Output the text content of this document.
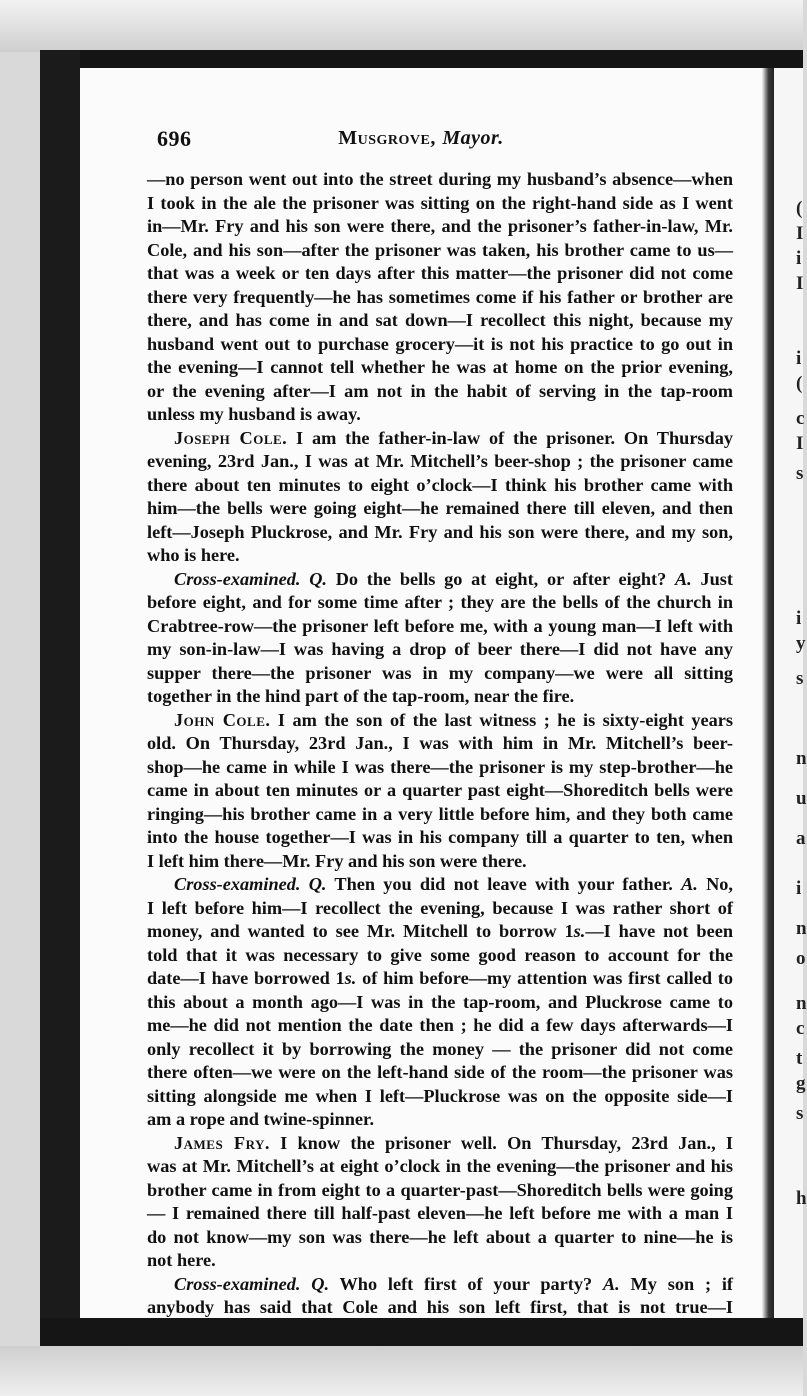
696	Musgrove, Mayor.
—no person went out into the street during my husband’s absence—when
I took in the ale the prisoner was sitting on the right-hand side as I went
in—Mr. Fry and his son were there, and the prisoner’s father-in-law, Mr.
Cole, and his son—after the prisoner was taken, his brother came to us—
that was a week or ten days after this matter—the prisoner did not come
there very frequently—he has sometimes come if his father or brother are
there, and has come in and sat down—I recollect this night, because my
husband went out to purchase grocery—it is not his practice to go out in
the evening—I cannot tell whether he was at home on the prior evening,
or the evening after—I am not in the habit of serving in the tap-room
unless my husband is away.
Joseph Cole. I am the father-in-law of the prisoner. On Thursday
evening, 23rd Jan., I was at Mr. Mitchell’s beer-shop ; the prisoner came
there about ten minutes to eight o’clock—I think his brother came with
him—the bells were going eight—he remained there till eleven, and then
left—Joseph Pluckrose, and Mr. Fry and his son were there, and my son,
who is here.
Cross-examined. Q. Do the bells go at eight, or after eight? A. Just
before eight, and for some time after ; they are the bells of the church in
Crabtree-row—the prisoner left before me, with a young man—I left with
my son-in-law—I was having a drop of beer there—I did not have any
supper there—the prisoner was in my company—we were all sitting
together in the hind part of the tap-room, near the fire.
John Cole. I am the son of the last witness ; he is sixty-eight years
old. On Thursday, 23rd Jan., I was with him in Mr. Mitchell’s beer-
shop—he came in while I was there—the prisoner is my step-brother—he
came in about ten minutes or a quarter past eight—Shoreditch bells were
ringing—his brother came in a very little before him, and they both came
into the house together—I was in his company till a quarter to ten, when
I left him there—Mr. Fry and his son were there.
Cross-examined. Q. Then you did not leave with your father. A. No,
I left before him—I recollect the evening, because I was rather short of
money, and wanted to see Mr. Mitchell to borrow 1s.—I have not been
told that it was necessary to give some good reason to account for the
date—I have borrowed 1s. of him before—my attention was first called to
this about a month ago—I was in the tap-room, and Pluckrose came to
me—he did not mention the date then ; he did a few days afterwards—I
only recollect it by borrowing the money — the prisoner did not come
there often—we were on the left-hand side of the room—the prisoner was
sitting alongside me when I left—Pluckrose was on the opposite side—I
am a rope and twine-spinner.
James Fry. I know the prisoner well. On Thursday, 23rd Jan., I
was at Mr. Mitchell’s at eight o’clock in the evening—the prisoner and his
brother came in from eight to a quarter-past—Shoreditch bells were going
— I remained there till half-past eleven—he left before me with a man I
do not know—my son was there—he left about a quarter to nine—he is
not here.
Cross-examined. Q. Who left first of your party? A. My son ; if
anybody has said that Cole and his son left first, that is not true—I
(
I
i
I
i
(
c
I
s
i
y
s
n
u
a
i
n
o
n
c
t
g
s
h
